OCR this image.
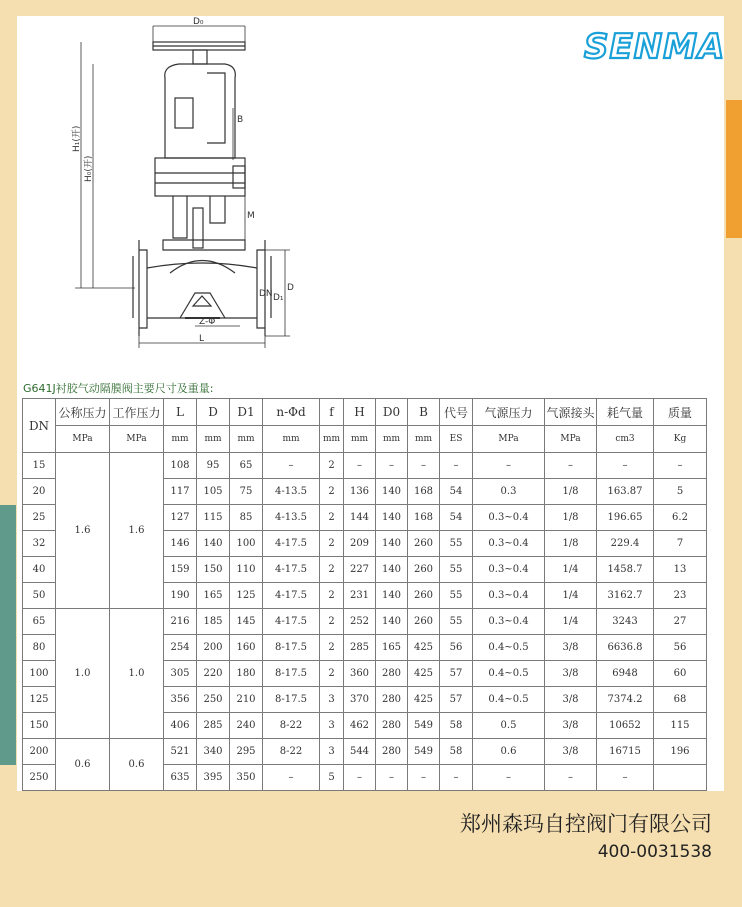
SENMA
D₀
H₁(开)
H₀(开)
B
M
DN D₁
D
Z-Φ
L
G641J衬胶气动隔膜阀主要尺寸及重量:
DN	公称压力	工作压力	L	D	D1	n-Φd	f	H	D0	B	代号	气源压力	气源接头	耗气量	质量
	MPa	MPa	mm	mm	mm	mm	mm	mm	mm	mm	ES	MPa	MPa	cm3	Kg
15	1.6	1.6	108	95	65	–	2	–	–	–	–	–	–	–	–
20			117	105	75	4-13.5	2	136	140	168	54	0.3	1/8	163.87	5
25			127	115	85	4-13.5	2	144	140	168	54	0.3~0.4	1/8	196.65	6.2
32			146	140	100	4-17.5	2	209	140	260	55	0.3~0.4	1/8	229.4	7
40			159	150	110	4-17.5	2	227	140	260	55	0.3~0.4	1/4	1458.7	13
50			190	165	125	4-17.5	2	231	140	260	55	0.3~0.4	1/4	3162.7	23
65	1.0	1.0	216	185	145	4-17.5	2	252	140	260	55	0.3~0.4	1/4	3243	27
80			254	200	160	8-17.5	2	285	165	425	56	0.4~0.5	3/8	6636.8	56
100			305	220	180	8-17.5	2	360	280	425	57	0.4~0.5	3/8	6948	60
125			356	250	210	8-17.5	3	370	280	425	57	0.4~0.5	3/8	7374.2	68
150			406	285	240	8-22	3	462	280	549	58	0.5	3/8	10652	115
200	0.6	0.6	521	340	295	8-22	3	544	280	549	58	0.6	3/8	16715	196
250			635	395	350	–	5	–	–	–	–	–	–	–	
郑州森玛自控阀门有限公司
400-0031538
